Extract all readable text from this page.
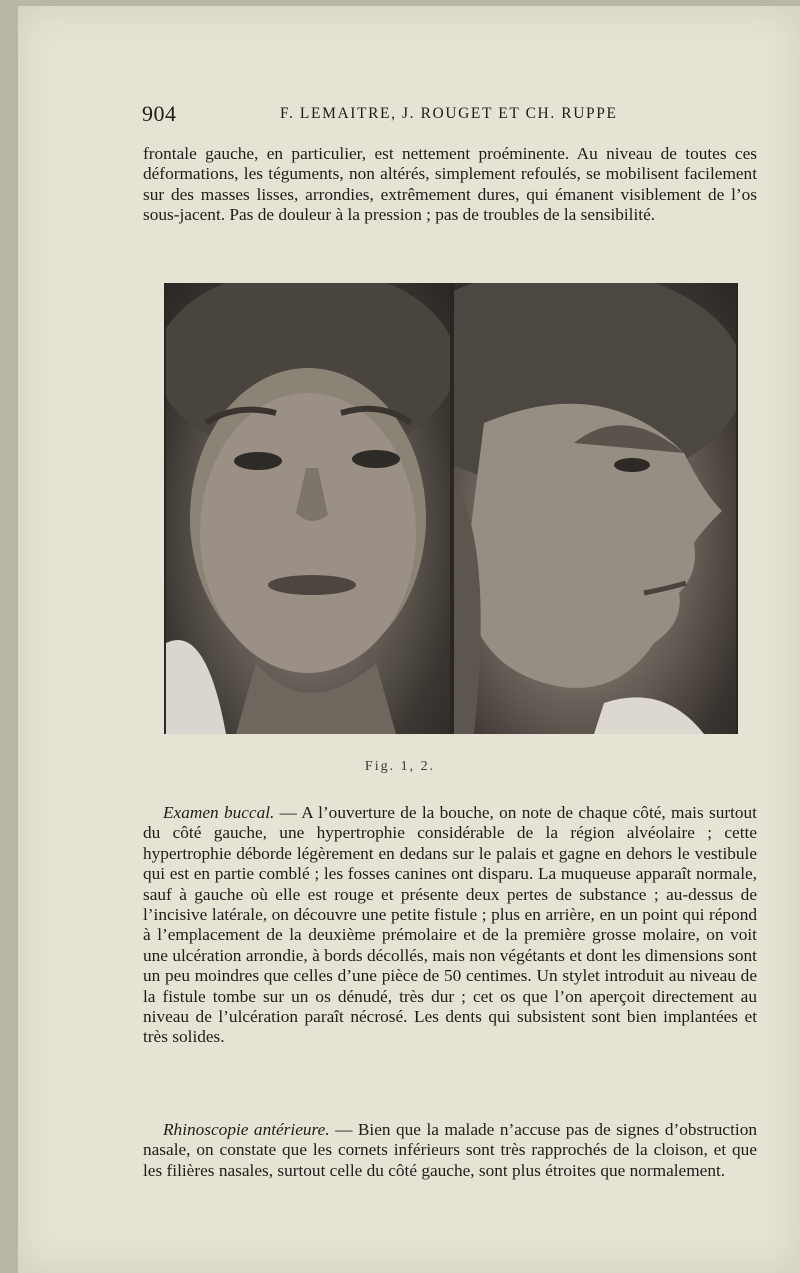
904	F. LEMAITRE, J. ROUGET ET CH. RUPPE

frontale gauche, en particulier, est nettement proéminente. Au niveau de toutes ces déformations, les téguments, non altérés, simplement refoulés, se mobilisent facilement sur des masses lisses, arrondies, extrêmement dures, qui émanent visiblement de l’os sous-jacent. Pas de douleur à la pression ; pas de troubles de la sensibilité.

Fig. 1, 2.

Examen buccal. — A l’ouverture de la bouche, on note de chaque côté, mais surtout du côté gauche, une hypertrophie considérable de la région alvéolaire ; cette hypertrophie déborde légèrement en dedans sur le palais et gagne en dehors le vestibule qui est en partie comblé ; les fosses canines ont disparu. La muqueuse apparaît normale, sauf à gauche où elle est rouge et présente deux pertes de substance ; au-dessus de l’incisive latérale, on découvre une petite fistule ; plus en arrière, en un point qui répond à l’emplacement de la deuxième prémolaire et de la première grosse molaire, on voit une ulcération arrondie, à bords décollés, mais non végétants et dont les dimensions sont un peu moindres que celles d’une pièce de 50 centimes. Un stylet introduit au niveau de la fistule tombe sur un os dénudé, très dur ; cet os que l’on aperçoit directement au niveau de l’ulcération paraît nécrosé. Les dents qui subsistent sont bien implantées et très solides.

Rhinoscopie antérieure. — Bien que la malade n’accuse pas de signes d’obstruction nasale, on constate que les cornets inférieurs sont très rapprochés de la cloison, et que les filières nasales, surtout celle du côté gauche, sont plus étroites que normalement.
